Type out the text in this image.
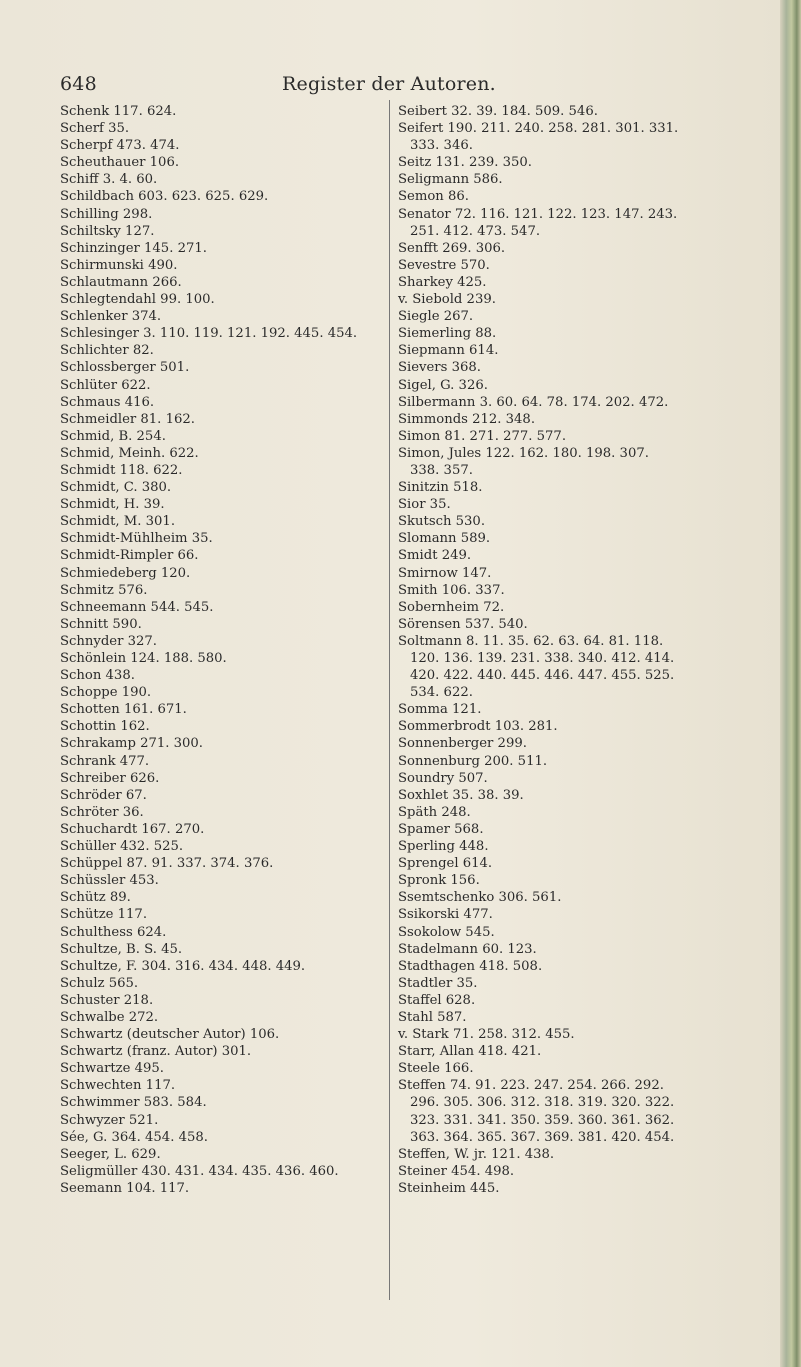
648	Register der Autoren.
Schenk 117. 624.
Scherf 35.
Scherpf 473. 474.
Scheuthauer 106.
Schiff 3. 4. 60.
Schildbach 603. 623. 625. 629.
Schilling 298.
Schiltsky 127.
Schinzinger 145. 271.
Schirmunski 490.
Schlautmann 266.
Schlegtendahl 99. 100.
Schlenker 374.
Schlesinger 3. 110. 119. 121. 192. 445. 454.
Schlichter 82.
Schlossberger 501.
Schlüter 622.
Schmaus 416.
Schmeidler 81. 162.
Schmid, B. 254.
Schmid, Meinh. 622.
Schmidt 118. 622.
Schmidt, C. 380.
Schmidt, H. 39.
Schmidt, M. 301.
Schmidt-Mühlheim 35.
Schmidt-Rimpler 66.
Schmiedeberg 120.
Schmitz 576.
Schneemann 544. 545.
Schnitt 590.
Schnyder 327.
Schönlein 124. 188. 580.
Schon 438.
Schoppe 190.
Schotten 161. 671.
Schottin 162.
Schrakamp 271. 300.
Schrank 477.
Schreiber 626.
Schröder 67.
Schröter 36.
Schuchardt 167. 270.
Schüller 432. 525.
Schüppel 87. 91. 337. 374. 376.
Schüssler 453.
Schütz 89.
Schütze 117.
Schulthess 624.
Schultze, B. S. 45.
Schultze, F. 304. 316. 434. 448. 449.
Schulz 565.
Schuster 218.
Schwalbe 272.
Schwartz (deutscher Autor) 106.
Schwartz (franz. Autor) 301.
Schwartze 495.
Schwechten 117.
Schwimmer 583. 584.
Schwyzer 521.
Sée, G. 364. 454. 458.
Seeger, L. 629.
Seligmüller 430. 431. 434. 435. 436. 460.
Seemann 104. 117.
Seibert 32. 39. 184. 509. 546.
Seifert 190. 211. 240. 258. 281. 301. 331.
333. 346.
Seitz 131. 239. 350.
Seligmann 586.
Semon 86.
Senator 72. 116. 121. 122. 123. 147. 243.
251. 412. 473. 547.
Senfft 269. 306.
Sevestre 570.
Sharkey 425.
v. Siebold 239.
Siegle 267.
Siemerling 88.
Siepmann 614.
Sievers 368.
Sigel, G. 326.
Silbermann 3. 60. 64. 78. 174. 202. 472.
Simmonds 212. 348.
Simon 81. 271. 277. 577.
Simon, Jules 122. 162. 180. 198. 307.
338. 357.
Sinitzin 518.
Sior 35.
Skutsch 530.
Slomann 589.
Smidt 249.
Smirnow 147.
Smith 106. 337.
Sobernheim 72.
Sörensen 537. 540.
Soltmann 8. 11. 35. 62. 63. 64. 81. 118.
120. 136. 139. 231. 338. 340. 412. 414.
420. 422. 440. 445. 446. 447. 455. 525.
534. 622.
Somma 121.
Sommerbrodt 103. 281.
Sonnenberger 299.
Sonnenburg 200. 511.
Soundry 507.
Soxhlet 35. 38. 39.
Späth 248.
Spamer 568.
Sperling 448.
Sprengel 614.
Spronk 156.
Ssemtschenko 306. 561.
Ssikorski 477.
Ssokolow 545.
Stadelmann 60. 123.
Stadthagen 418. 508.
Stadtler 35.
Staffel 628.
Stahl 587.
v. Stark 71. 258. 312. 455.
Starr, Allan 418. 421.
Steele 166.
Steffen 74. 91. 223. 247. 254. 266. 292.
296. 305. 306. 312. 318. 319. 320. 322.
323. 331. 341. 350. 359. 360. 361. 362.
363. 364. 365. 367. 369. 381. 420. 454.
Steffen, W. jr. 121. 438.
Steiner 454. 498.
Steinheim 445.
